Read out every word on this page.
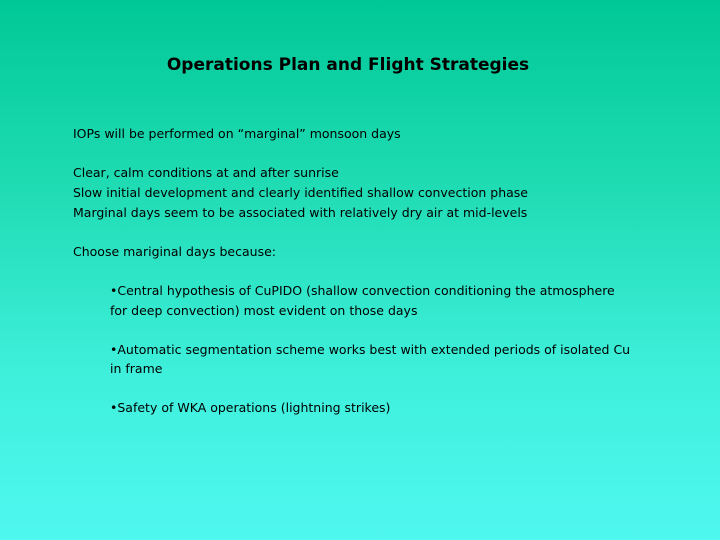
Operations Plan and Flight Strategies
IOPs will be performed on “marginal” monsoon days
Clear, calm conditions at and after sunrise
Slow initial development and clearly identified shallow convection phase
Marginal days seem to be associated with relatively dry air at mid-levels
Choose mariginal days because:
•Central hypothesis of CuPIDO (shallow convection conditioning the atmosphere
for deep convection) most evident on those days
•Automatic segmentation scheme works best with extended periods of isolated Cu
in frame
•Safety of WKA operations (lightning strikes)
